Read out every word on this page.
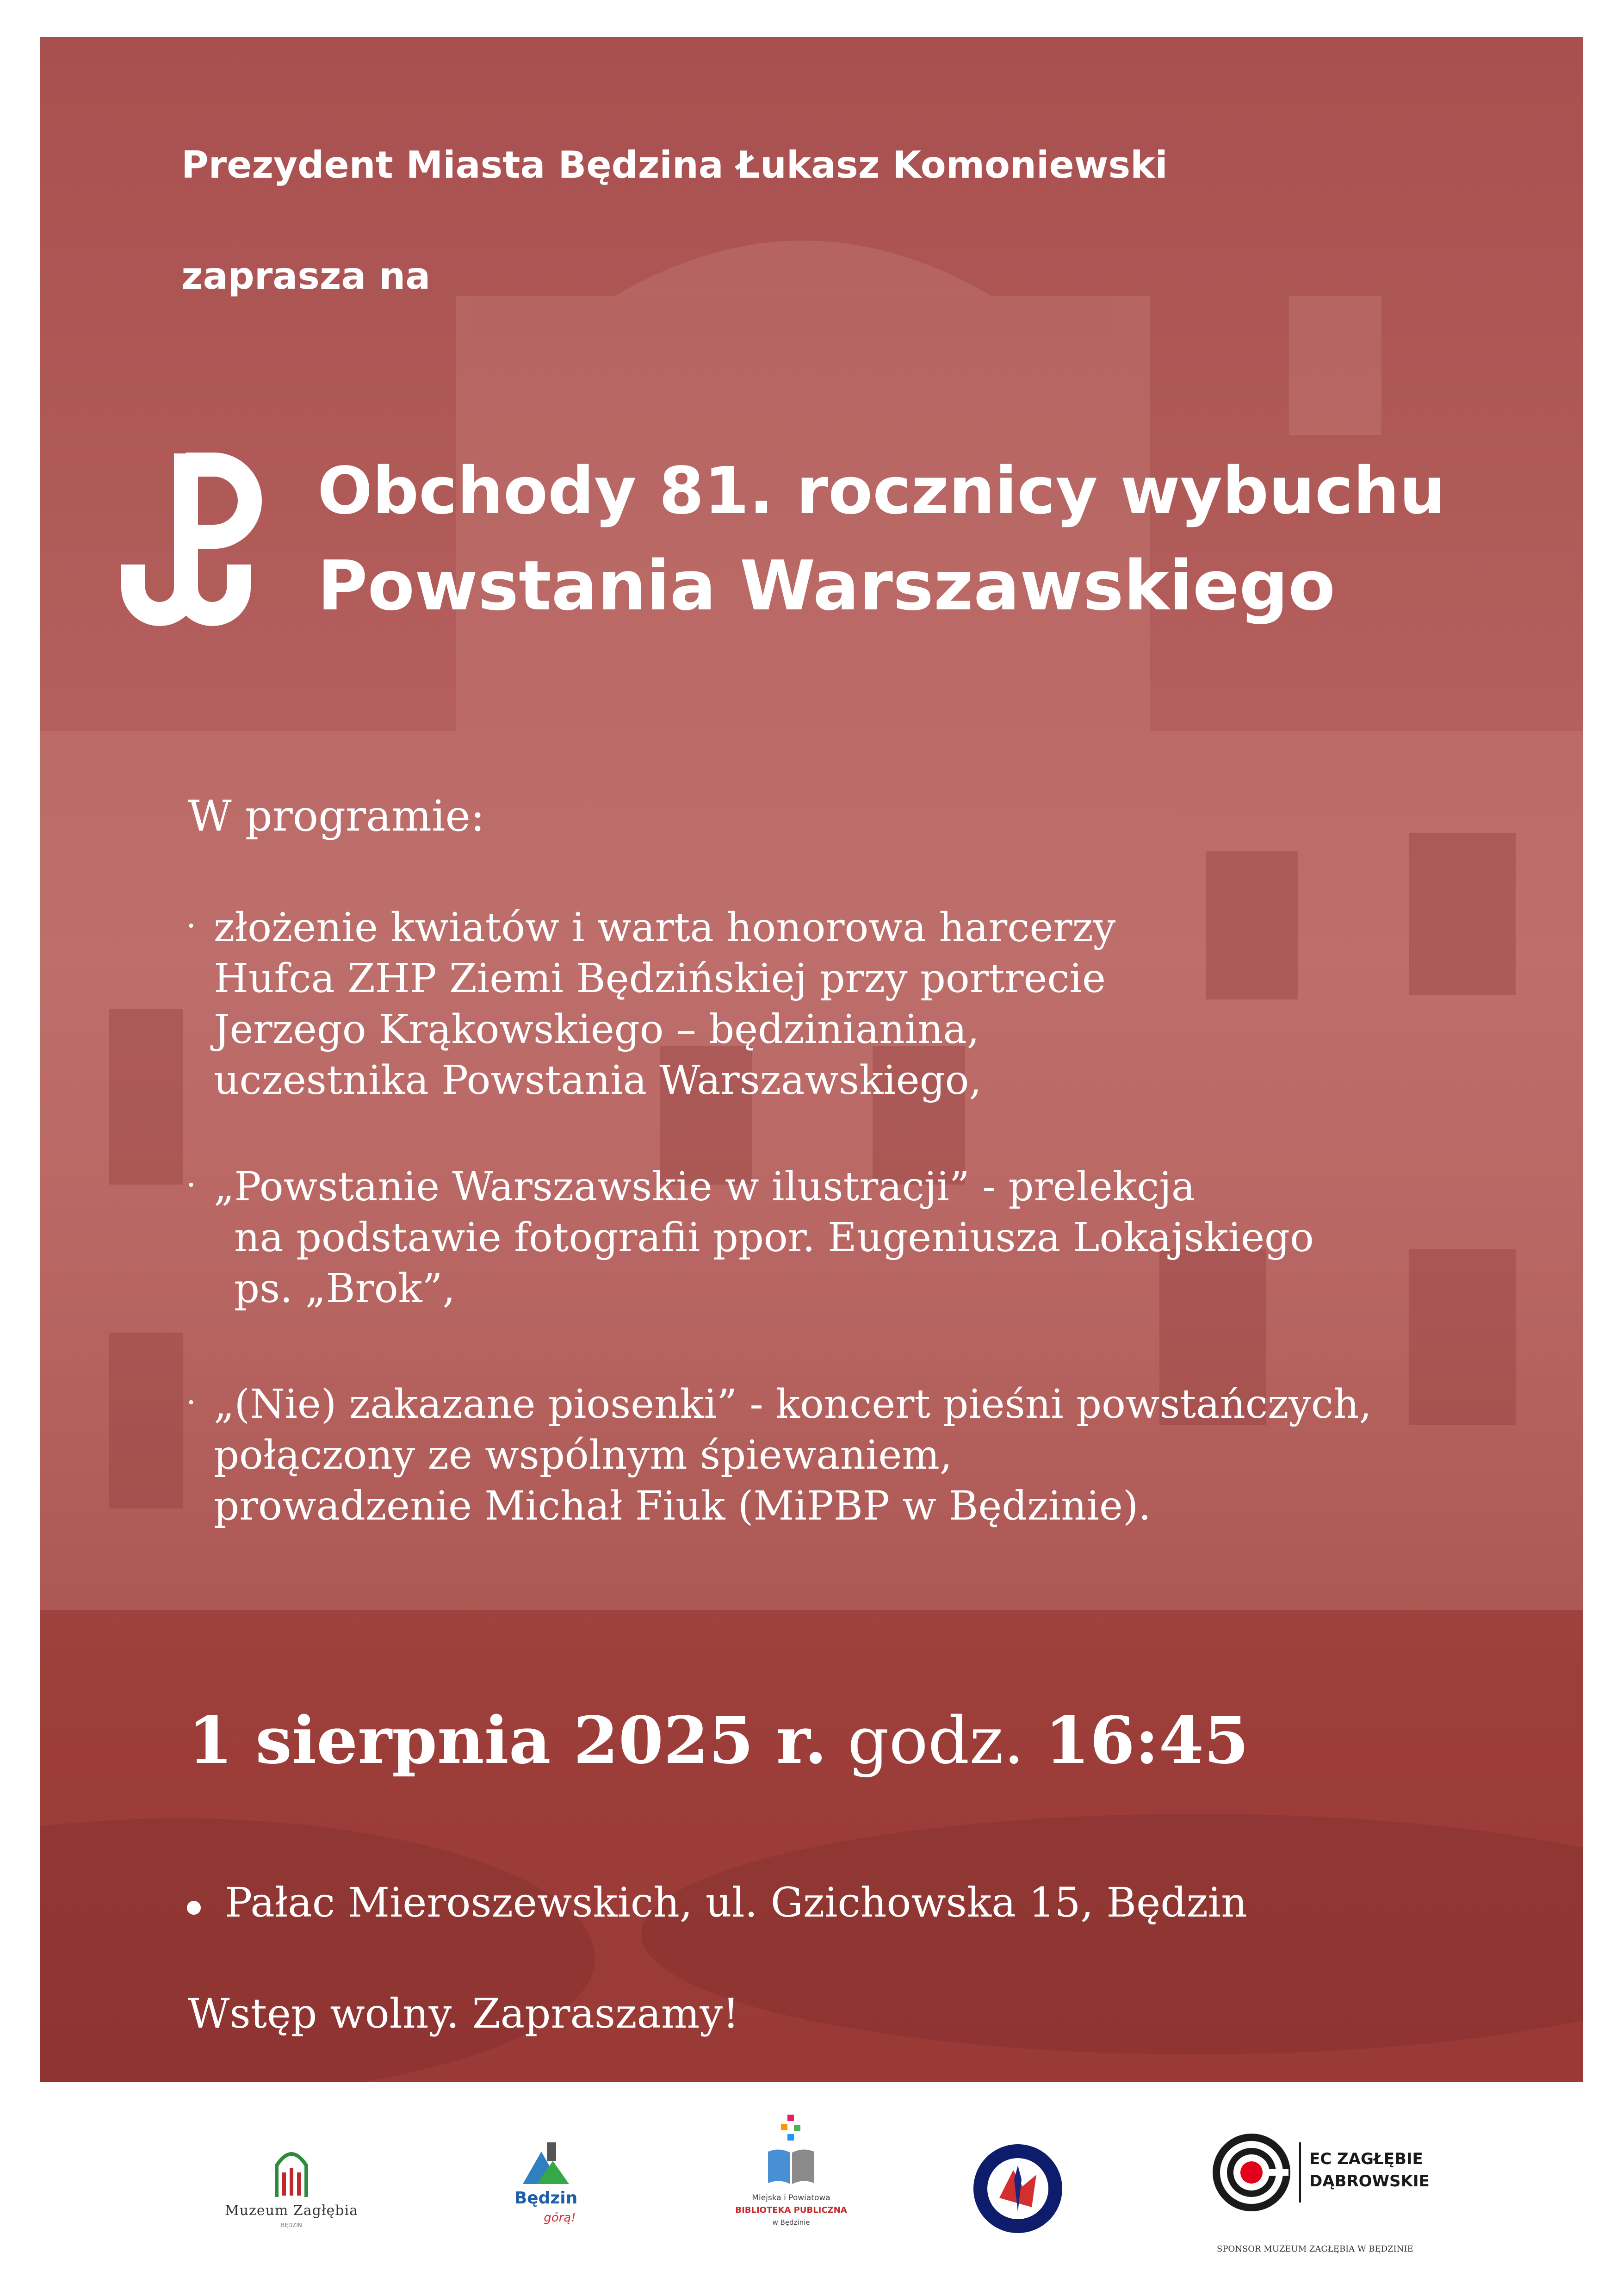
Prezydent Miasta Będzina Łukasz Komoniewski
zaprasza na
Obchody 81. rocznicy wybuchu
Powstania Warszawskiego
W programie:
· złożenie kwiatów i warta honorowa harcerzy
Hufca ZHP Ziemi Będzińskiej przy portrecie
Jerzego Krąkowskiego – będzinianina,
uczestnika Powstania Warszawskiego,
· „Powstanie Warszawskie w ilustracji” - prelekcja
na podstawie fotografii ppor. Eugeniusza Lokajskiego
ps. „Brok”,
· „(Nie) zakazane piosenki” - koncert pieśni powstańczych,
połączony ze wspólnym śpiewaniem,
prowadzenie Michał Fiuk (MiPBP w Będzinie).
1 sierpnia 2025 r. godz. 16:45
Pałac Mieroszewskich, ul. Gzichowska 15, Będzin
Wstęp wolny. Zapraszamy!
Muzeum Zagłębia
BĘDZIN
Będzin
górą!
Miejska i Powiatowa
BIBLIOTEKA PUBLICZNA
w Będzinie
EC ZAGŁĘBIE
DĄBROWSKIE
SPONSOR MUZEUM ZAGŁĘBIA W BĘDZINIE
